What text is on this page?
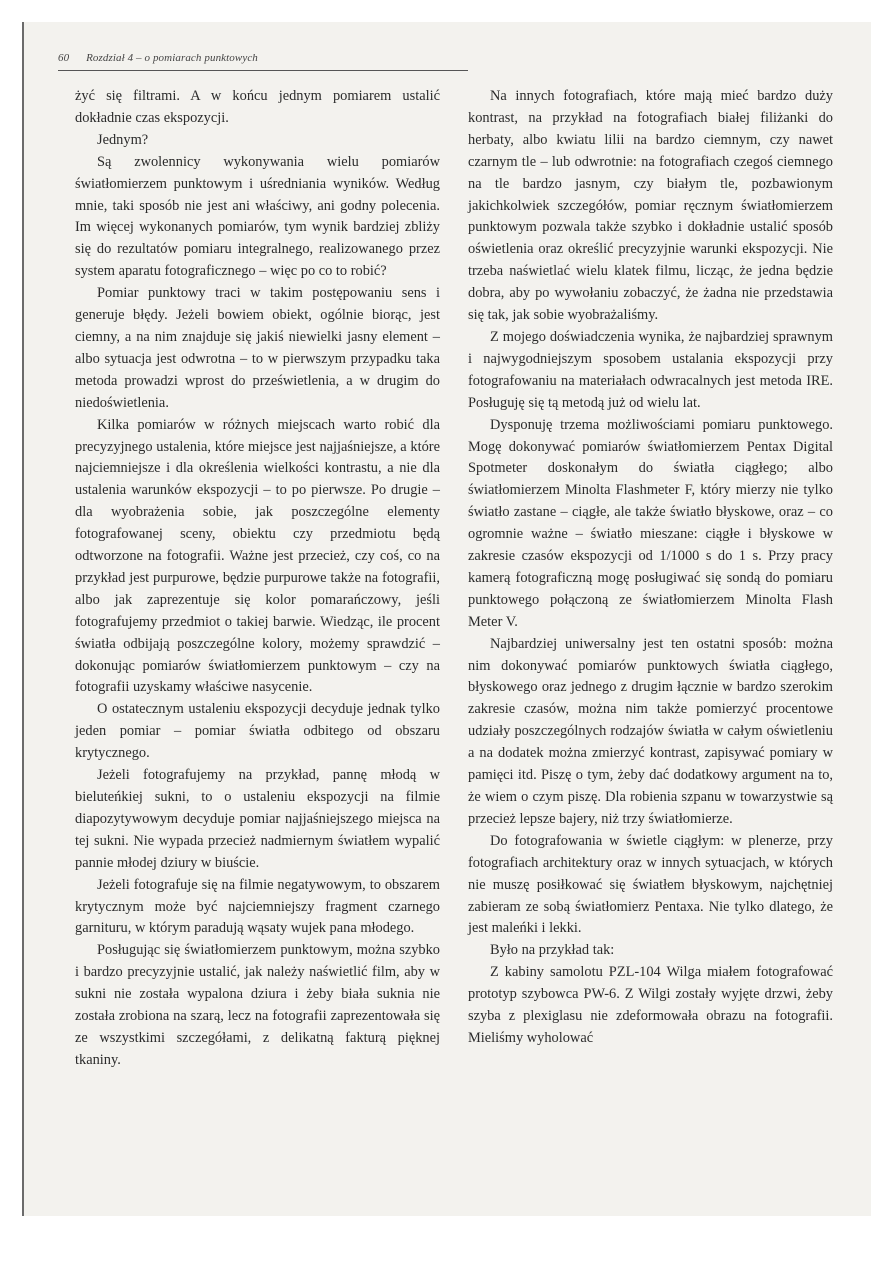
60 Rozdział 4 – o pomiarach punktowych

żyć się filtrami. A w końcu jednym pomiarem ustalić dokładnie czas ekspozycji.

Jednym?

Są zwolennicy wykonywania wielu pomiarów światłomierzem punktowym i uśredniania wyników. Według mnie, taki sposób nie jest ani właściwy, ani godny polecenia. Im więcej wykonanych pomiarów, tym wynik bardziej zbliży się do rezultatów pomiaru integralnego, realizowanego przez system aparatu fotograficznego – więc po co to robić?

Pomiar punktowy traci w takim postępowaniu sens i generuje błędy. Jeżeli bowiem obiekt, ogólnie biorąc, jest ciemny, a na nim znajduje się jakiś niewielki jasny element – albo sytuacja jest odwrotna – to w pierwszym przypadku taka metoda prowadzi wprost do prześwietlenia, a w drugim do niedoświetlenia.

Kilka pomiarów w różnych miejscach warto robić dla precyzyjnego ustalenia, które miejsce jest najjaśniejsze, a które najciemniejsze i dla określenia wielkości kontrastu, a nie dla ustalenia warunków ekspozycji – to po pierwsze. Po drugie – dla wyobrażenia sobie, jak poszczególne elementy fotografowanej sceny, obiektu czy przedmiotu będą odtworzone na fotografii. Ważne jest przecież, czy coś, co na przykład jest purpurowe, będzie purpurowe także na fotografii, albo jak zaprezentuje się kolor pomarańczowy, jeśli fotografujemy przedmiot o takiej barwie. Wiedząc, ile procent światła odbijają poszczególne kolory, możemy sprawdzić – dokonując pomiarów światłomierzem punktowym – czy na fotografii uzyskamy właściwe nasycenie.

O ostatecznym ustaleniu ekspozycji decyduje jednak tylko jeden pomiar – pomiar światła odbitego od obszaru krytycznego.

Jeżeli fotografujemy na przykład, pannę młodą w bieluteńkiej sukni, to o ustaleniu ekspozycji na filmie diapozytywowym decyduje pomiar najjaśniejszego miejsca na tej sukni. Nie wypada przecież nadmiernym światłem wypalić pannie młodej dziury w biuście.

Jeżeli fotografuje się na filmie negatywowym, to obszarem krytycznym może być najciemniejszy fragment czarnego garnituru, w którym paradują wąsaty wujek pana młodego.

Posługując się światłomierzem punktowym, można szybko i bardzo precyzyjnie ustalić, jak należy naświetlić film, aby w sukni nie została wypalona dziura i żeby biała suknia nie została zrobiona na szarą, lecz na fotografii zaprezentowała się ze wszystkimi szczegółami, z delikatną fakturą pięknej tkaniny.

Na innych fotografiach, które mają mieć bardzo duży kontrast, na przykład na fotografiach białej filiżanki do herbaty, albo kwiatu lilii na bardzo ciemnym, czy nawet czarnym tle – lub odwrotnie: na fotografiach czegoś ciemnego na tle bardzo jasnym, czy białym tle, pozbawionym jakichkolwiek szczegółów, pomiar ręcznym światłomierzem punktowym pozwala także szybko i dokładnie ustalić sposób oświetlenia oraz określić precyzyjnie warunki ekspozycji. Nie trzeba naświetlać wielu klatek filmu, licząc, że jedna będzie dobra, aby po wywołaniu zobaczyć, że żadna nie przedstawia się tak, jak sobie wyobrażaliśmy.

Z mojego doświadczenia wynika, że najbardziej sprawnym i najwygodniejszym sposobem ustalania ekspozycji przy fotografowaniu na materiałach odwracalnych jest metoda IRE. Posługuję się tą metodą już od wielu lat.

Dysponuję trzema możliwościami pomiaru punktowego. Mogę dokonywać pomiarów światłomierzem Pentax Digital Spotmeter doskonałym do światła ciągłego; albo światłomierzem Minolta Flashmeter F, który mierzy nie tylko światło zastane – ciągłe, ale także światło błyskowe, oraz – co ogromnie ważne – światło mieszane: ciągłe i błyskowe w zakresie czasów ekspozycji od 1/1000 s do 1 s. Przy pracy kamerą fotograficzną mogę posługiwać się sondą do pomiaru punktowego połączoną ze światłomierzem Minolta Flash Meter V.

Najbardziej uniwersalny jest ten ostatni sposób: można nim dokonywać pomiarów punktowych światła ciągłego, błyskowego oraz jednego z drugim łącznie w bardzo szerokim zakresie czasów, można nim także pomierzyć procentowe udziały poszczególnych rodzajów światła w całym oświetleniu a na dodatek można zmierzyć kontrast, zapisywać pomiary w pamięci itd. Piszę o tym, żeby dać dodatkowy argument na to, że wiem o czym piszę. Dla robienia szpanu w towarzystwie są przecież lepsze bajery, niż trzy światłomierze.

Do fotografowania w świetle ciągłym: w plenerze, przy fotografiach architektury oraz w innych sytuacjach, w których nie muszę posiłkować się światłem błyskowym, najchętniej zabieram ze sobą światłomierz Pentaxa. Nie tylko dlatego, że jest maleńki i lekki.

Było na przykład tak:

Z kabiny samolotu PZL-104 Wilga miałem fotografować prototyp szybowca PW-6. Z Wilgi zostały wyjęte drzwi, żeby szyba z plexiglasu nie zdeformowała obrazu na fotografii. Mieliśmy wyholować
